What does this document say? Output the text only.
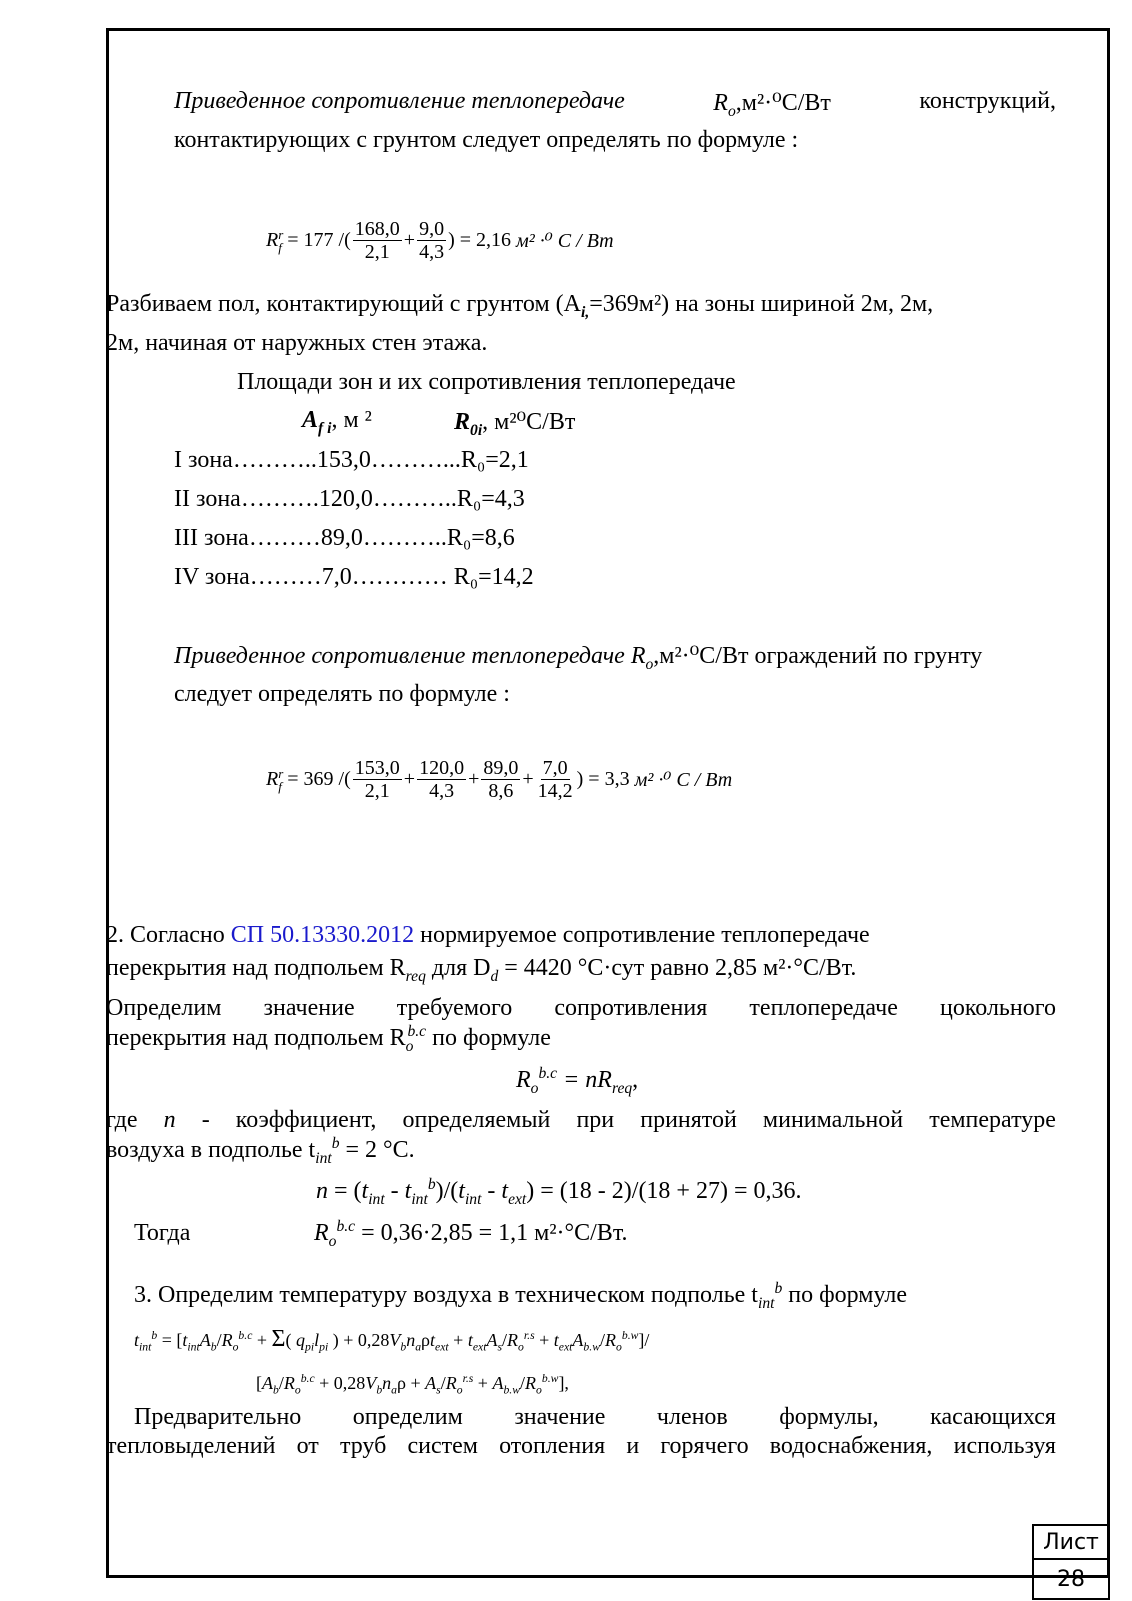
Приведенное сопротивление теплопередаче	$R_o,м^2\cdot^0С/Вт$	конструкций,
контактирующих с грунтом следует определять по формуле :
R r
f = 177 /( $\frac{168,0}{2,1} + \frac{9,0}{4,3}$ ) = 2,16
м² ·⁰ С / Вт
Разбиваем пол, контактирующий с грунтом $(A_{i,}=369м^2)$ на зоны шириной 2м, 2м,
2м, начиная от наружных стен этажа.
Площади зон и их сопротивления теплопередаче
$A_{f i}$, м ²	$R_{0i}$, м²⁰С/Вт
I зона………..153,0………...R₀=2,1
II зона……….120,0………..R₀=4,3
III зона………89,0………..R₀=8,6
IV зона………7,0………… R₀=14,2
Приведенное сопротивление теплопередаче $R_o,м^2\cdot^0С/Вт$ ограждений по грунту
следует определять по формуле :
R r
f = 369 /( $\frac{153,0}{2,1} + \frac{120,0}{4,3} + \frac{89,0}{8,6} + \frac{7,0}{14,2}$ ) = 3,3
м² ·⁰ С / Вт
2. Согласно СП 50.13330.2012 нормируемое сопротивление теплопередаче
перекрытия над подпольем $R_{req}$ для $D_d = 4420$ °С·сут равно 2,85 м²·°С/Вт.
Определим значение требуемого сопротивления теплопередаче цокольного
перекрытия над подпольем $R_o^{b.c}$ по формуле
$R_o^{b.c} = nR_{req}$,
где n - коэффициент, определяемый при принятой минимальной температуре
воздуха в подполье $t_{int}^b = 2$ °С.
$n = (t_{int} - t_{int}^b)/(t_{int} - t_{ext}) = (18 - 2)/(18 + 27) = 0,36$.
Тогда	$R_o^{b.c} = 0,36\cdot 2,85 = 1,1$ м²·°С/Вт.
3. Определим температуру воздуха в техническом подполье $t_{int}^b$ по формуле
$t_{int}^b = [t_{int}A_b/R_o^{b.c} + \Sigma$( $q_{pi}l_{pi}$ ) + $0,28V_bn_a\rho t_{ext} + t_{ext}A_s/R_o^{r.s} + t_{ext}A_{b.w}/R_o^{b.w}]/$
$[A_b/R_o^{b.c} + 0,28V_bn_a\rho + A_s/R_o^{r.s} + A_{b.w}/R_o^{b.w}]$,
Предварительно определим значение членов формулы, касающихся
тепловыделений от труб систем отопления и горячего водоснабжения, используя
Лист
28
